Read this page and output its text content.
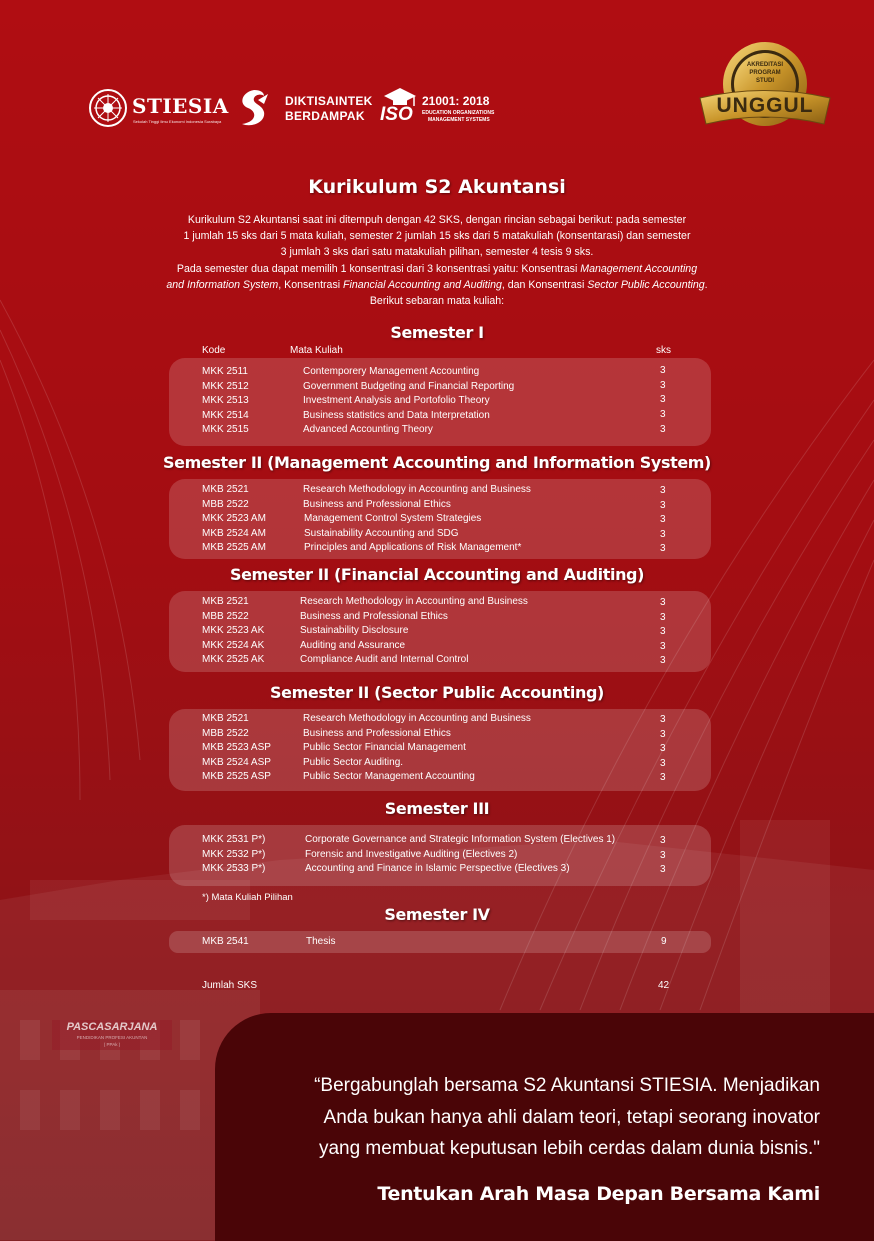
PASCASARJANA
PENDIDIKAN PROFESI AKUNTAN
( PPAk )
STIESIA
Sekolah Tinggi Ilmu Ekonomi Indonesia Surabaya
DIKTISAINTEK
BERDAMPAK ISO
21001: 2018
EDUCATION ORGANIZATIONS
MANAGEMENT SYSTEMS
AKREDITASI
PROGRAM
STUDI
UNGGUL
Kurikulum S2 Akuntansi

Kurikulum S2 Akuntansi saat ini ditempuh dengan 42 SKS, dengan rincian sebagai berikut: pada semester

1 jumlah 15 sks dari 5 mata kuliah, semester 2 jumlah 15 sks dari 5 matakuliah (konsentarasi) dan semester

3 jumlah 3 sks dari satu matakuliah pilihan, semester 4 tesis 9 sks.

Pada semester dua dapat memilih 1 konsentrasi dari 3 konsentrasi yaitu: Konsentrasi Management Accounting

and Information System, Konsentrasi Financial Accounting and Auditing, dan Konsentrasi Sector Public Accounting.

Berikut sebaran mata kuliah:

Semester I
Kode	Mata Kuliah	sks
MKK 2511	Contemporery Management Accounting	3
MKK 2512	Government Budgeting and Financial Reporting	3
MKK 2513	Investment Analysis and Portofolio Theory	3
MKK 2514	Business statistics and Data Interpretation	3
MKK 2515	Advanced Accounting Theory	3
Semester II (Management Accounting and Information System)
MKB 2521	Research Methodology in Accounting and Business	3
MBB 2522	Business and Professional Ethics	3
MKK 2523 AM	Management Control System Strategies	3
MKB 2524 AM	Sustainability Accounting and SDG	3
MKB 2525 AM	Principles and Applications of Risk Management*	3
Semester II (Financial Accounting and Auditing)
MKB 2521	Research Methodology in Accounting and Business	3
MBB 2522	Business and Professional Ethics	3
MKK 2523 AK	Sustainability Disclosure	3
MKK 2524 AK	Auditing and Assurance	3
MKK 2525 AK	Compliance Audit and Internal Control	3
Semester II (Sector Public Accounting)
MKB 2521	Research Methodology in Accounting and Business	3
MBB 2522	Business and Professional Ethics	3
MKB 2523 ASP	Public Sector Financial Management	3
MKB 2524 ASP	Public Sector Auditing.	3
MKB 2525 ASP	Public Sector Management Accounting	3
Semester III
MKK 2531 P*)	Corporate Governance and Strategic Information System (Electives 1)	3
MKK 2532 P*)	Forensic and Investigative Auditing (Electives 2)	3
MKK 2533 P*)	Accounting and Finance in Islamic Perspective (Electives 3)	3
*) Mata Kuliah Pilihan
Semester IV
MKB 2541	Thesis	9
Jumlah SKS	42

“Bergabunglah bersama S2 Akuntansi STIESIA. Menjadikan

Anda bukan hanya ahli dalam teori, tetapi seorang inovator

yang membuat keputusan lebih cerdas dalam dunia bisnis."

Tentukan Arah Masa Depan Bersama Kami
